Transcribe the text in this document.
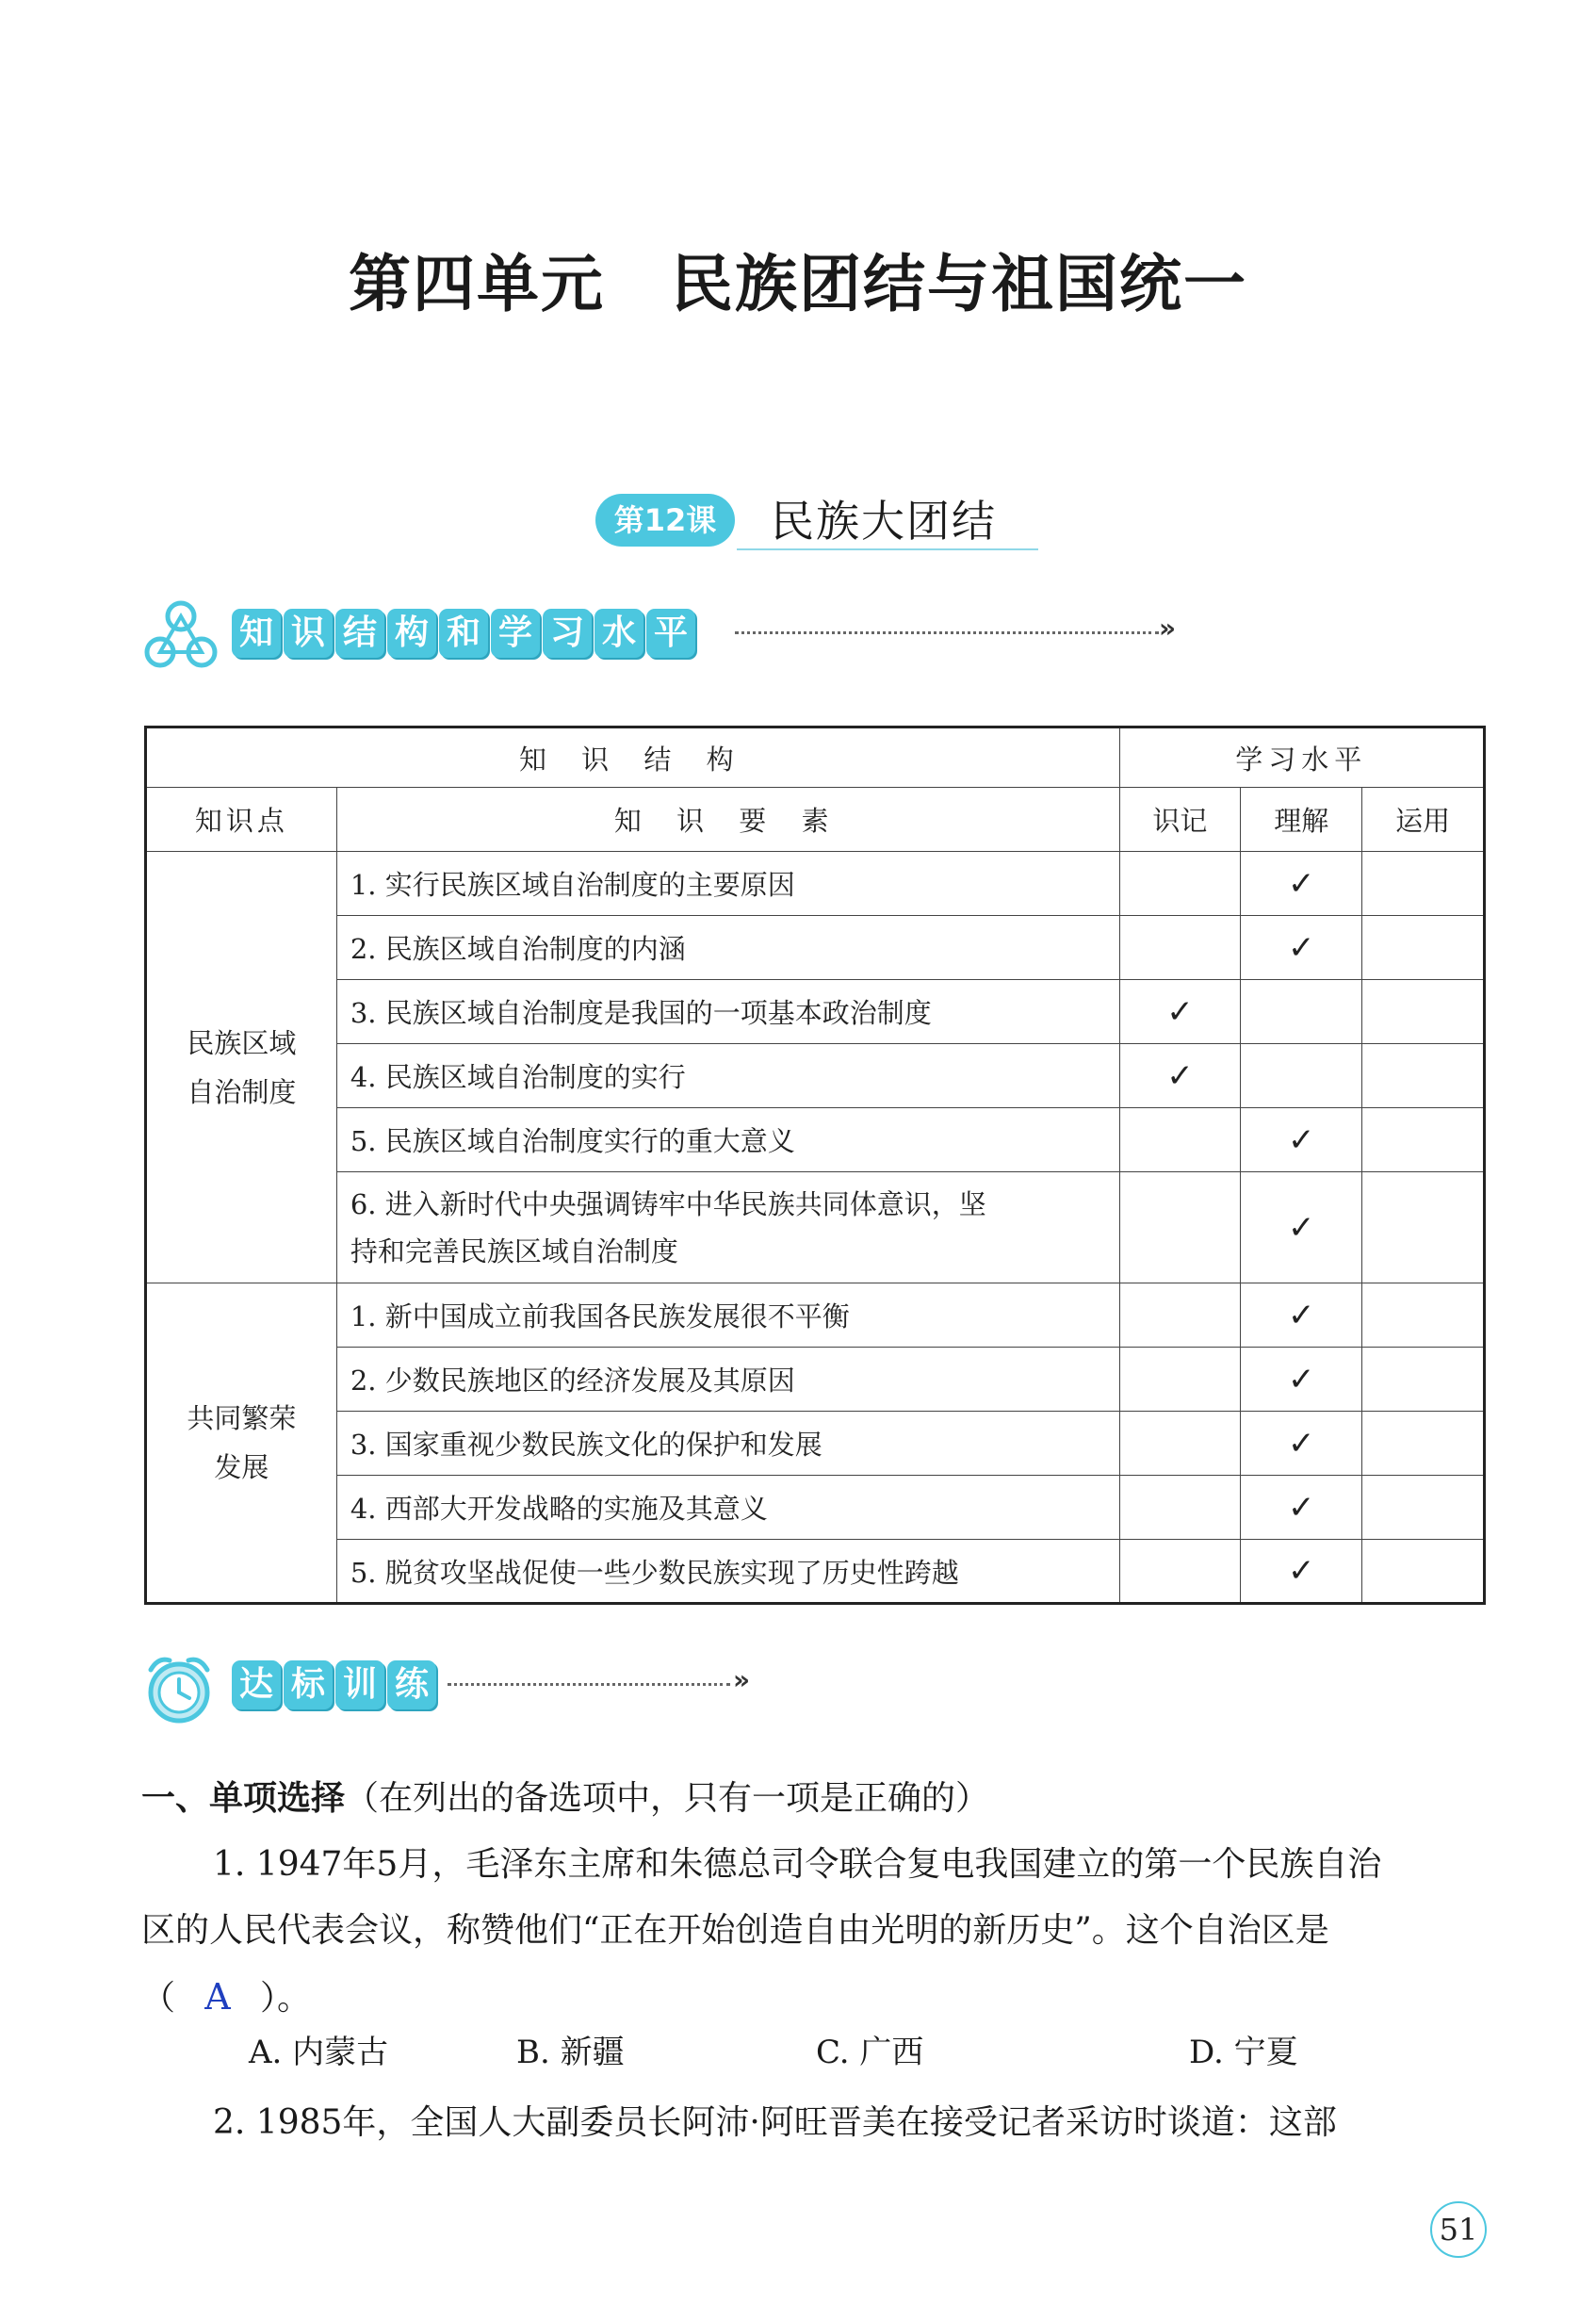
第四单元 民族团结与祖国统一
第12课	民族大团结
知 识 结 构 和 学 习 水 平	»
知 识 结 构		学习水平		
知识点	知 识 要 素	识记	理解	运用

民族区域
自治制度	1. 实行民族区域自治制度的主要原因		✓	
	2. 民族区域自治制度的内涵		✓	
	3. 民族区域自治制度是我国的一项基本政治制度	✓		
	4. 民族区域自治制度的实行	✓		
	5. 民族区域自治制度实行的重大意义		✓	

	6. 进入新时代中央强调铸牢中华民族共同体意识，坚
持和完善民族区域自治制度		✓	

共同繁荣
发展	1. 新中国成立前我国各民族发展很不平衡		✓	
	2. 少数民族地区的经济发展及其原因		✓	
	3. 国家重视少数民族文化的保护和发展		✓	
	4. 西部大开发战略的实施及其意义		✓	
	5. 脱贫攻坚战促使一些少数民族实现了历史性跨越		✓	
达 标 训 练	»
一、单项选择（在列出的备选项中，只有一项是正确的）
1. 1947年5月，毛泽东主席和朱德总司令联合复电我国建立的第一个民族自治
区的人民代表会议，称赞他们“正在开始创造自由光明的新历史”。这个自治区是
（ A ）。
A. 内蒙古	B. 新疆	C. 广西	D. 宁夏
2. 1985年，全国人大副委员长阿沛·阿旺晋美在接受记者采访时谈道：这部
51
